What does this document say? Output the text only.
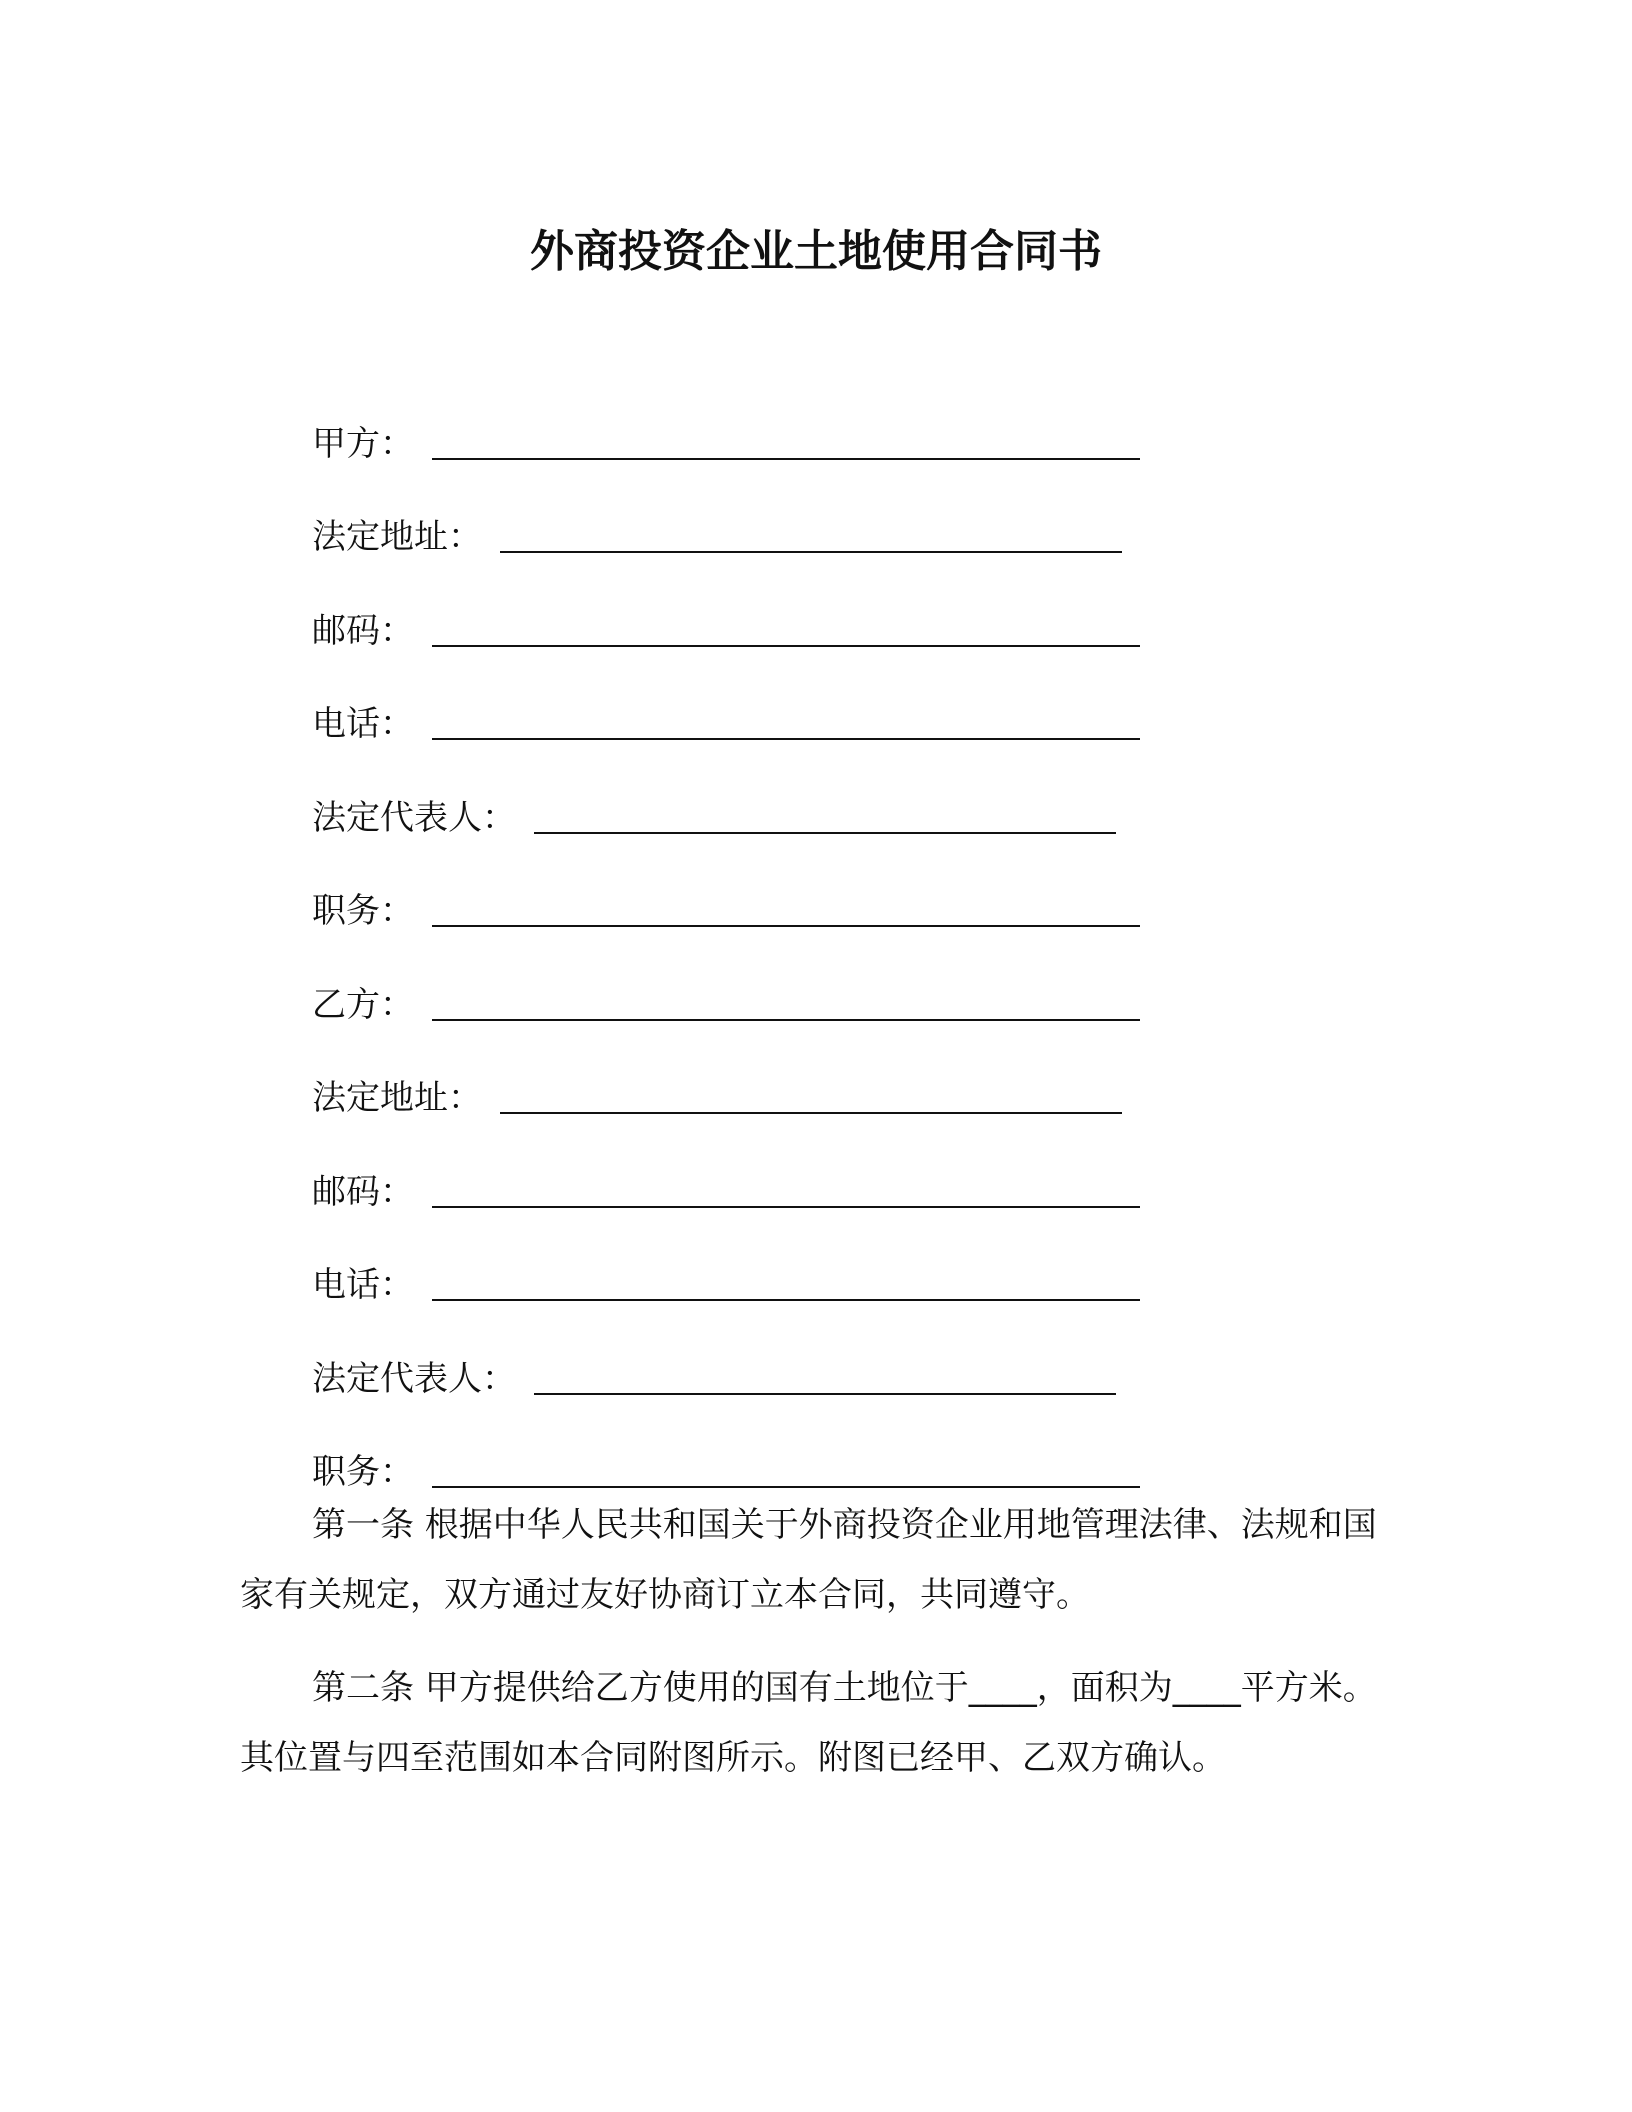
外商投资企业土地使用合同书
甲方 ：
法定地址 ：
邮码 ：
电话 ：
法定代表人 ：
职务 ：
乙方 ：
法定地址 ：
邮码 ：
电话 ：
法定代表人 ：
职务 ：

第一条 根据中华人民共和国关于外商投资企业用地管理法律、法规和国家有关规定，双方通过友好协商订立本合同，共同遵守。

第二条 甲方提供给乙方使用的国有土地位于____，面积为____平方米。其位置与四至范围如本合同附图所示。附图已经甲、乙双方确认。
